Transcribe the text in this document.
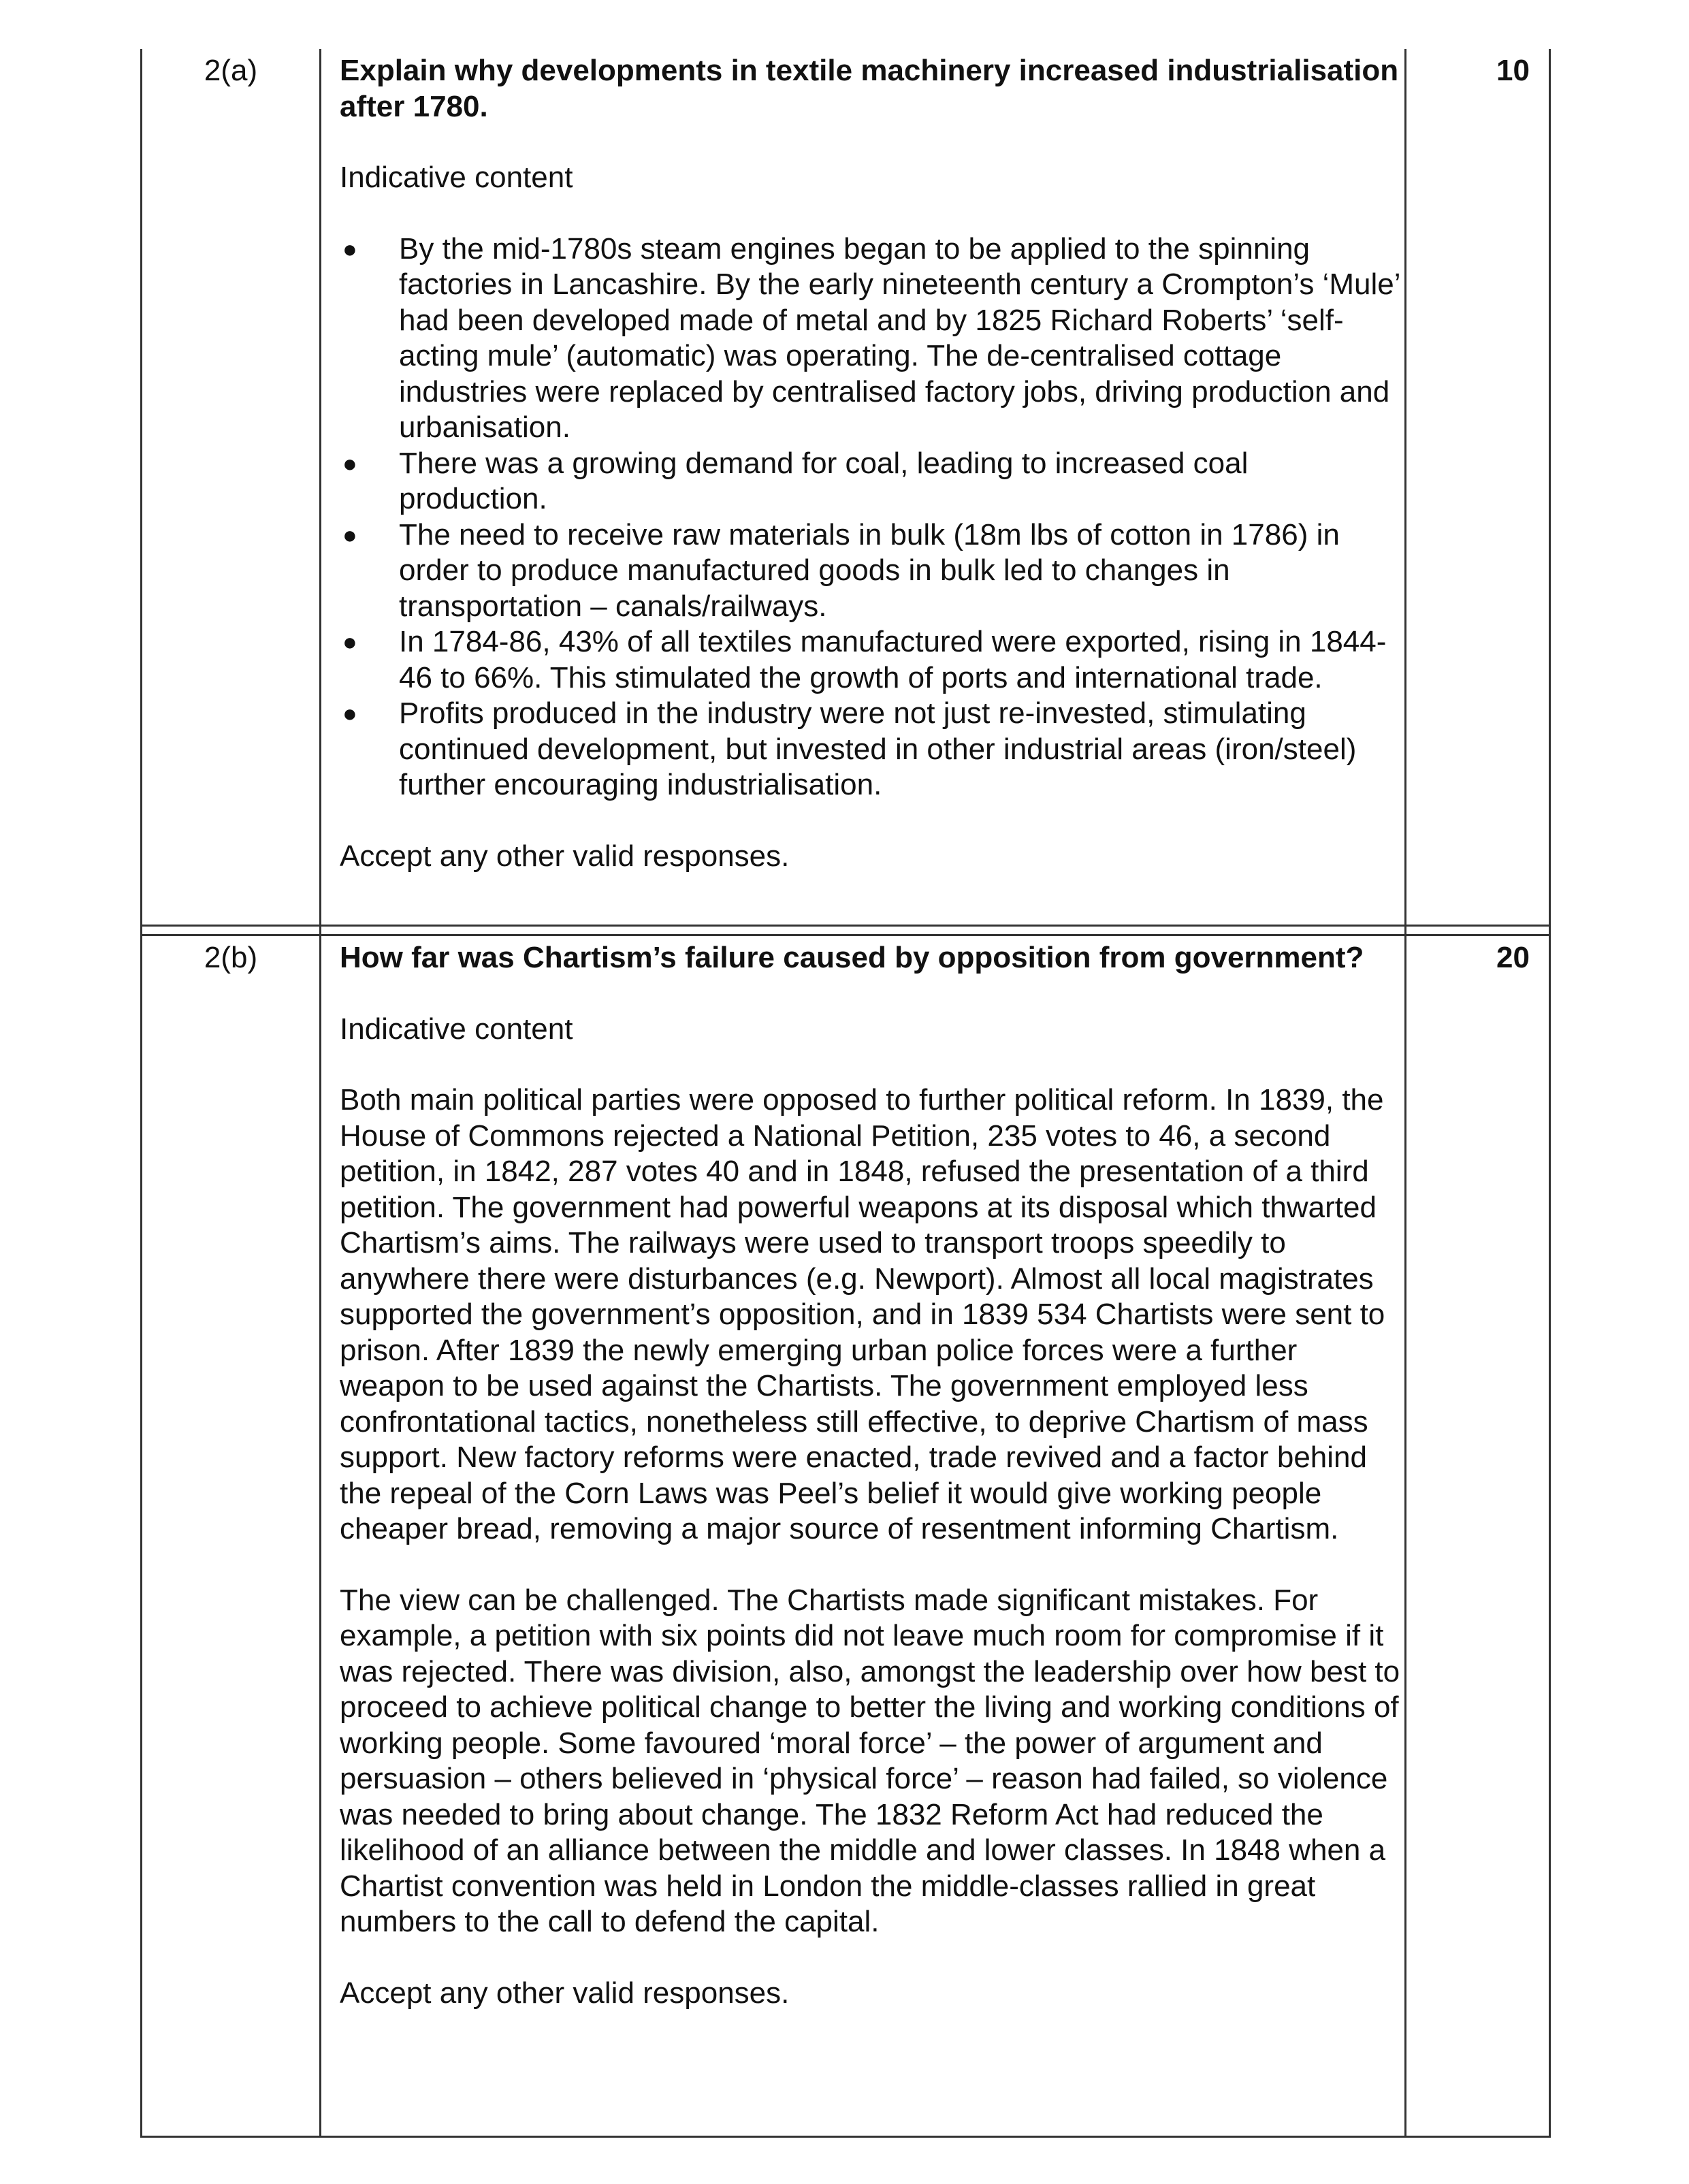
2(a)	Explain why developments in textile machinery increased industrialisation after 1780.

Indicative content

● By the mid-1780s steam engines began to be applied to the spinning factories in Lancashire. By the early nineteenth century a Crompton’s ‘Mule’ had been developed made of metal and by 1825 Richard Roberts’ ‘self-acting mule’ (automatic) was operating. The de-centralised cottage industries were replaced by centralised factory jobs, driving production and urbanisation.
● There was a growing demand for coal, leading to increased coal production.
● The need to receive raw materials in bulk (18m lbs of cotton in 1786) in order to produce manufactured goods in bulk led to changes in transportation – canals/railways.
● In 1784-86, 43% of all textiles manufactured were exported, rising in 1844-46 to 66%. This stimulated the growth of ports and international trade.
● Profits produced in the industry were not just re-invested, stimulating continued development, but invested in other industrial areas (iron/steel) further encouraging industrialisation.

Accept any other valid responses.

10
2(b)	How far was Chartism’s failure caused by opposition from government?

Indicative content

Both main political parties were opposed to further political reform. In 1839, the House of Commons rejected a National Petition, 235 votes to 46, a second petition, in 1842, 287 votes 40 and in 1848, refused the presentation of a third petition. The government had powerful weapons at its disposal which thwarted Chartism’s aims. The railways were used to transport troops speedily to anywhere there were disturbances (e.g. Newport). Almost all local magistrates supported the government’s opposition, and in 1839 534 Chartists were sent to prison. After 1839 the newly emerging urban police forces were a further weapon to be used against the Chartists. The government employed less confrontational tactics, nonetheless still effective, to deprive Chartism of mass support. New factory reforms were enacted, trade revived and a factor behind the repeal of the Corn Laws was Peel’s belief it would give working people cheaper bread, removing a major source of resentment informing Chartism.

The view can be challenged. The Chartists made significant mistakes. For example, a petition with six points did not leave much room for compromise if it was rejected. There was division, also, amongst the leadership over how best to proceed to achieve political change to better the living and working conditions of working people. Some favoured ‘moral force’ – the power of argument and persuasion – others believed in ‘physical force’ – reason had failed, so violence was needed to bring about change. The 1832 Reform Act had reduced the likelihood of an alliance between the middle and lower classes. In 1848 when a Chartist convention was held in London the middle-classes rallied in great numbers to the call to defend the capital.

Accept any other valid responses.

20
